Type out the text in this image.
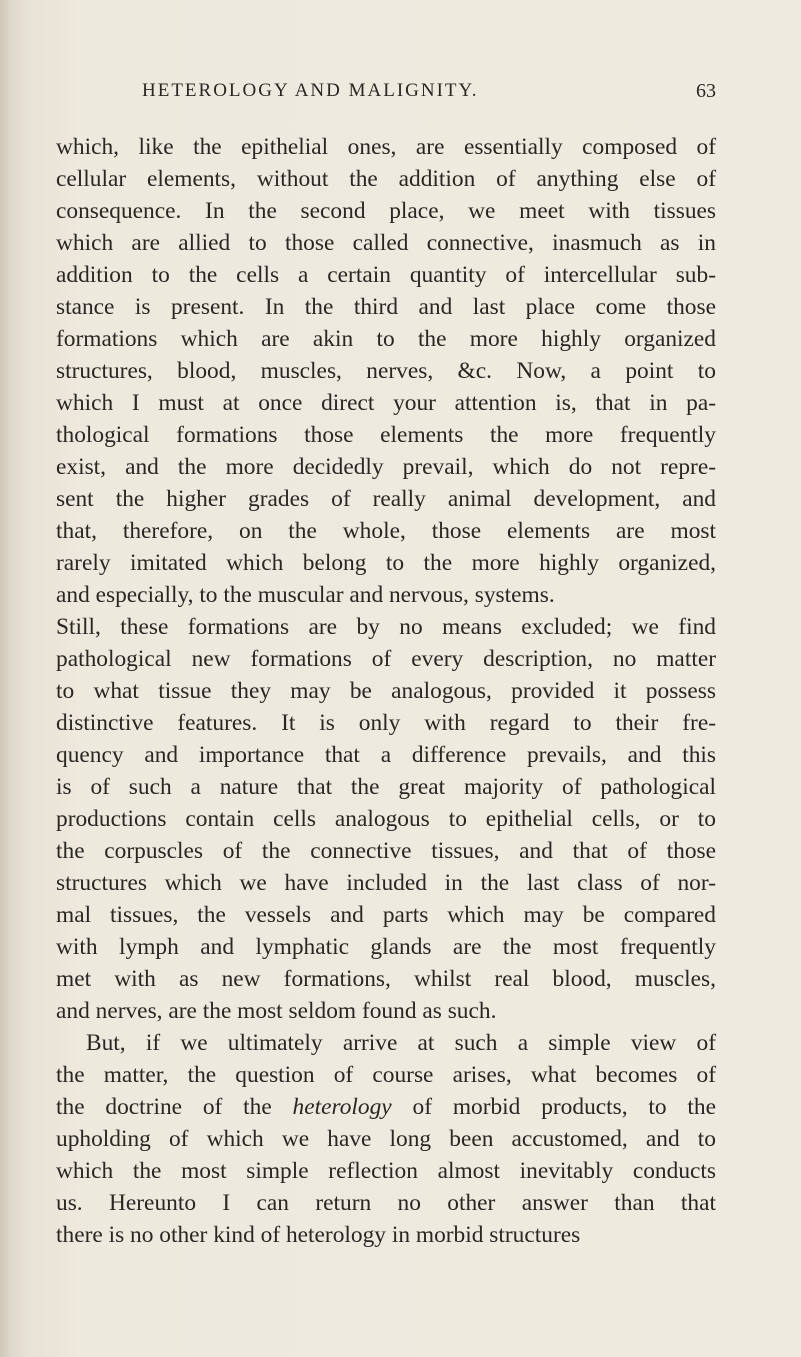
HETEROLOGY AND MALIGNITY.	63
which, like the epithelial ones, are essentially composed of
cellular elements, without the addition of anything else of
consequence. In the second place, we meet with tissues
which are allied to those called connective, inasmuch as in
addition to the cells a certain quantity of intercellular sub-
stance is present. In the third and last place come those
formations which are akin to the more highly organized
structures, blood, muscles, nerves, &c. Now, a point to
which I must at once direct your attention is, that in pa-
thological formations those elements the more frequently
exist, and the more decidedly prevail, which do not repre-
sent the higher grades of really animal development, and
that, therefore, on the whole, those elements are most
rarely imitated which belong to the more highly organized,
and especially, to the muscular and nervous, systems.
Still, these formations are by no means excluded; we find
pathological new formations of every description, no matter
to what tissue they may be analogous, provided it possess
distinctive features. It is only with regard to their fre-
quency and importance that a difference prevails, and this
is of such a nature that the great majority of pathological
productions contain cells analogous to epithelial cells, or to
the corpuscles of the connective tissues, and that of those
structures which we have included in the last class of nor-
mal tissues, the vessels and parts which may be compared
with lymph and lymphatic glands are the most frequently
met with as new formations, whilst real blood, muscles,
and nerves, are the most seldom found as such.
But, if we ultimately arrive at such a simple view of
the matter, the question of course arises, what becomes of
the doctrine of the heterology of morbid products, to the
upholding of which we have long been accustomed, and to
which the most simple reflection almost inevitably conducts
us. Hereunto I can return no other answer than that
there is no other kind of heterology in morbid structures
